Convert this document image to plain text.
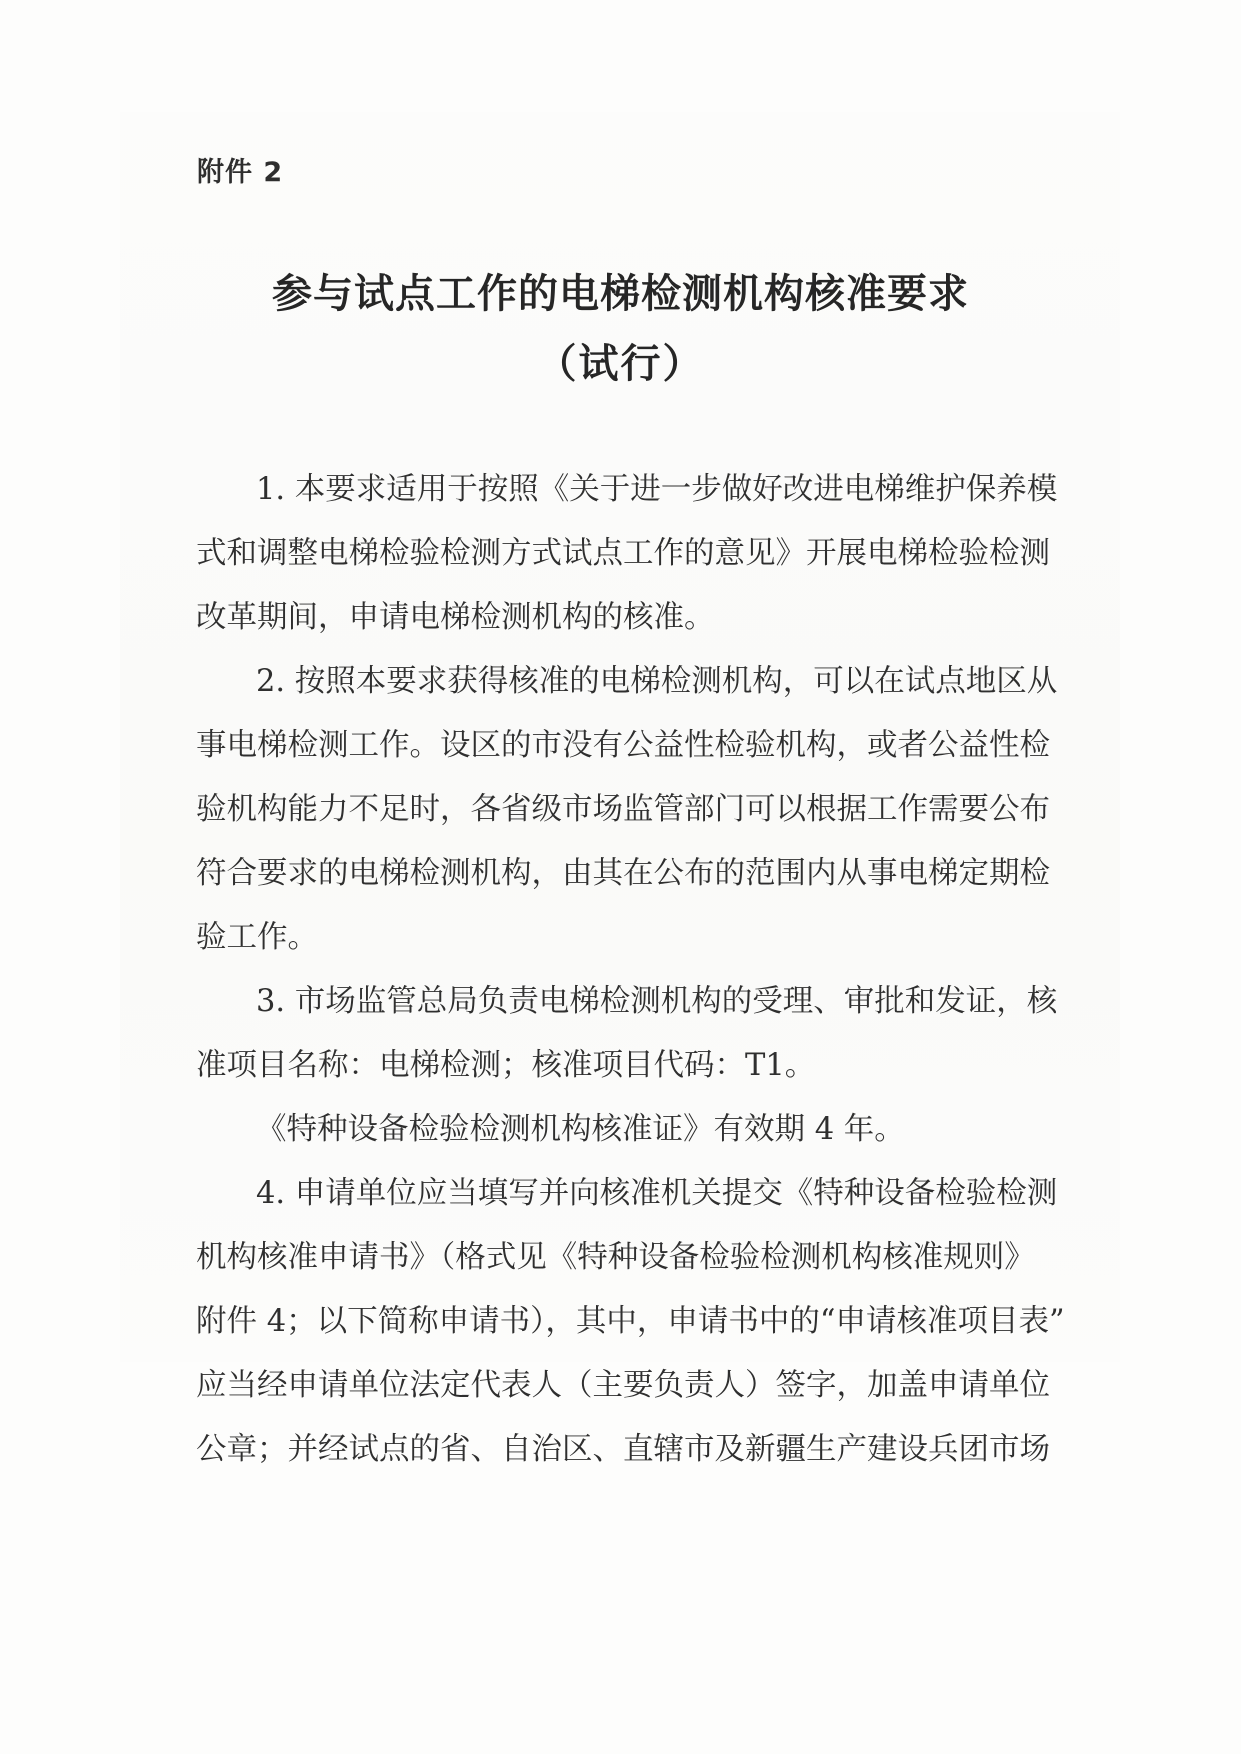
附件 2
参与试点工作的电梯检测机构核准要求
（试行）
1. 本要求适用于按照《关于进一步做好改进电梯维护保养模
式和调整电梯检验检测方式试点工作的意见》开展电梯检验检测
改革期间，申请电梯检测机构的核准。
2. 按照本要求获得核准的电梯检测机构，可以在试点地区从
事电梯检测工作。设区的市没有公益性检验机构，或者公益性检
验机构能力不足时，各省级市场监管部门可以根据工作需要公布
符合要求的电梯检测机构，由其在公布的范围内从事电梯定期检
验工作。
3. 市场监管总局负责电梯检测机构的受理、审批和发证，核
准项目名称：电梯检测；核准项目代码：T1。
《特种设备检验检测机构核准证》有效期 4 年。
4. 申请单位应当填写并向核准机关提交《特种设备检验检测
机构核准申请书》（格式见《特种设备检验检测机构核准规则》
附件 4；以下简称申请书），其中，申请书中的“申请核准项目表”
应当经申请单位法定代表人（主要负责人）签字，加盖申请单位
公章；并经试点的省、自治区、直辖市及新疆生产建设兵团市场
